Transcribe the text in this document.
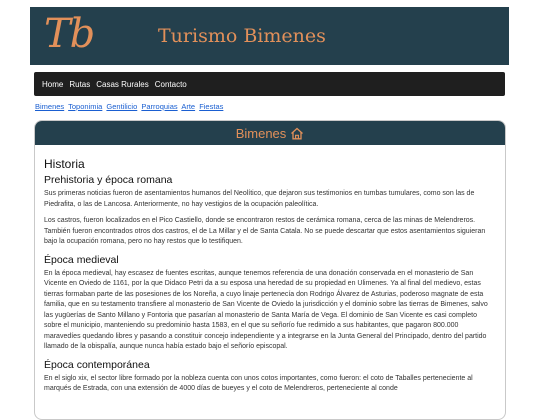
Tb	Turismo Bimenes
Home Rutas Casas Rurales Contacto
Bimenes Toponimia Gentilicio Parroquias Arte Fiestas
Bimenes
Historia
Prehistoria y época romana

Sus primeras noticias fueron de asentamientos humanos del Neolítico, que dejaron sus testimonios en tumbas tumulares, como son las de Piedrafita, o las de Lancosa. Anteriormente, no hay vestigios de la ocupación paleolítica.

Los castros, fueron localizados en el Pico Castiello, donde se encontraron restos de cerámica romana, cerca de las minas de Melendreros. También fueron encontrados otros dos castros, el de La Millar y el de Santa Catala. No se puede descartar que estos asentamientos siguieran bajo la ocupación romana, pero no hay restos que lo testifiquen.

Época medieval

En la época medieval, hay escasez de fuentes escritas, aunque tenemos referencia de una donación conservada en el monasterio de San Vicente en Oviedo de 1161, por la que Didaco Petri da a su esposa una heredad de su propiedad en Ulimenes. Ya al final del medievo, estas tierras formaban parte de las posesiones de los Noreña, a cuyo linaje pertenecía don Rodrigo Álvarez de Asturias, poderoso magnate de esta familia, que en su testamento transfiere al monasterio de San Vicente de Oviedo la jurisdicción y el dominio sobre las tierras de Bimenes, salvo las yugüerías de Santo Millano y Fontoria que pasarían al monasterio de Santa María de Vega. El dominio de San Vicente es casi completo sobre el municipio, manteniendo su predominio hasta 1583, en el que su señorío fue redimido a sus habitantes, que pagaron 800.000 maravedíes quedando libres y pasando a constituir concejo independiente y a integrarse en la Junta General del Principado, dentro del partido llamado de la obispalía, aunque nunca había estado bajo el señorío episcopal.

Época contemporánea

En el siglo xix, el sector libre formado por la nobleza cuenta con unos cotos importantes, como fueron: el coto de Taballes perteneciente al marqués de Estrada, con una extensión de 4000 días de bueyes y el coto de Melendreros, perteneciente al conde
